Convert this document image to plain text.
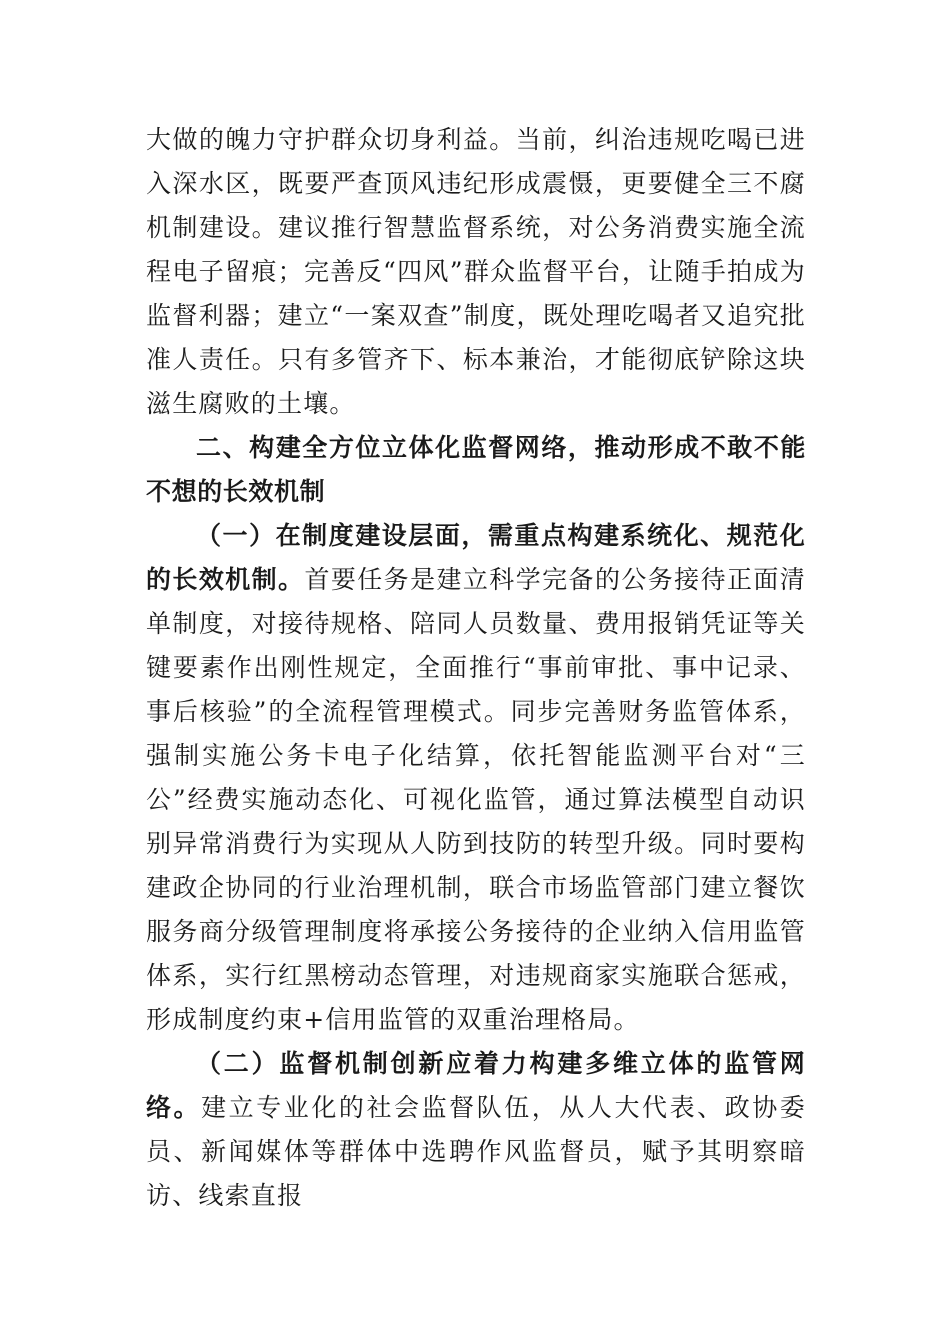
大做的魄力守护群众切身利益。当前，纠治违规吃喝已进入深水区，既要严查顶风违纪形成震慑，更要健全三不腐机制建设。建议推行智慧监督系统，对公务消费实施全流程电子留痕；完善反“四风”群众监督平台，让随手拍成为监督利器；建立“一案双查”制度，既处理吃喝者又追究批准人责任。只有多管齐下、标本兼治，才能彻底铲除这块滋生腐败的土壤。

二、构建全方位立体化监督网络，推动形成不敢不能不想的长效机制

（一）在制度建设层面，需重点构建系统化、规范化的长效机制。首要任务是建立科学完备的公务接待正面清单制度，对接待规格、陪同人员数量、费用报销凭证等关键要素作出刚性规定，全面推行“事前审批、事中记录、事后核验”的全流程管理模式。同步完善财务监管体系，强制实施公务卡电子化结算，依托智能监测平台对“三公”经费实施动态化、可视化监管，通过算法模型自动识别异常消费行为实现从人防到技防的转型升级。同时要构建政企协同的行业治理机制，联合市场监管部门建立餐饮服务商分级管理制度将承接公务接待的企业纳入信用监管体系，实行红黑榜动态管理，对违规商家实施联合惩戒，形成制度约束+信用监管的双重治理格局。

（二）监督机制创新应着力构建多维立体的监管网络。建立专业化的社会监督队伍，从人大代表、政协委员、新闻媒体等群体中选聘作风监督员，赋予其明察暗访、线索直报
